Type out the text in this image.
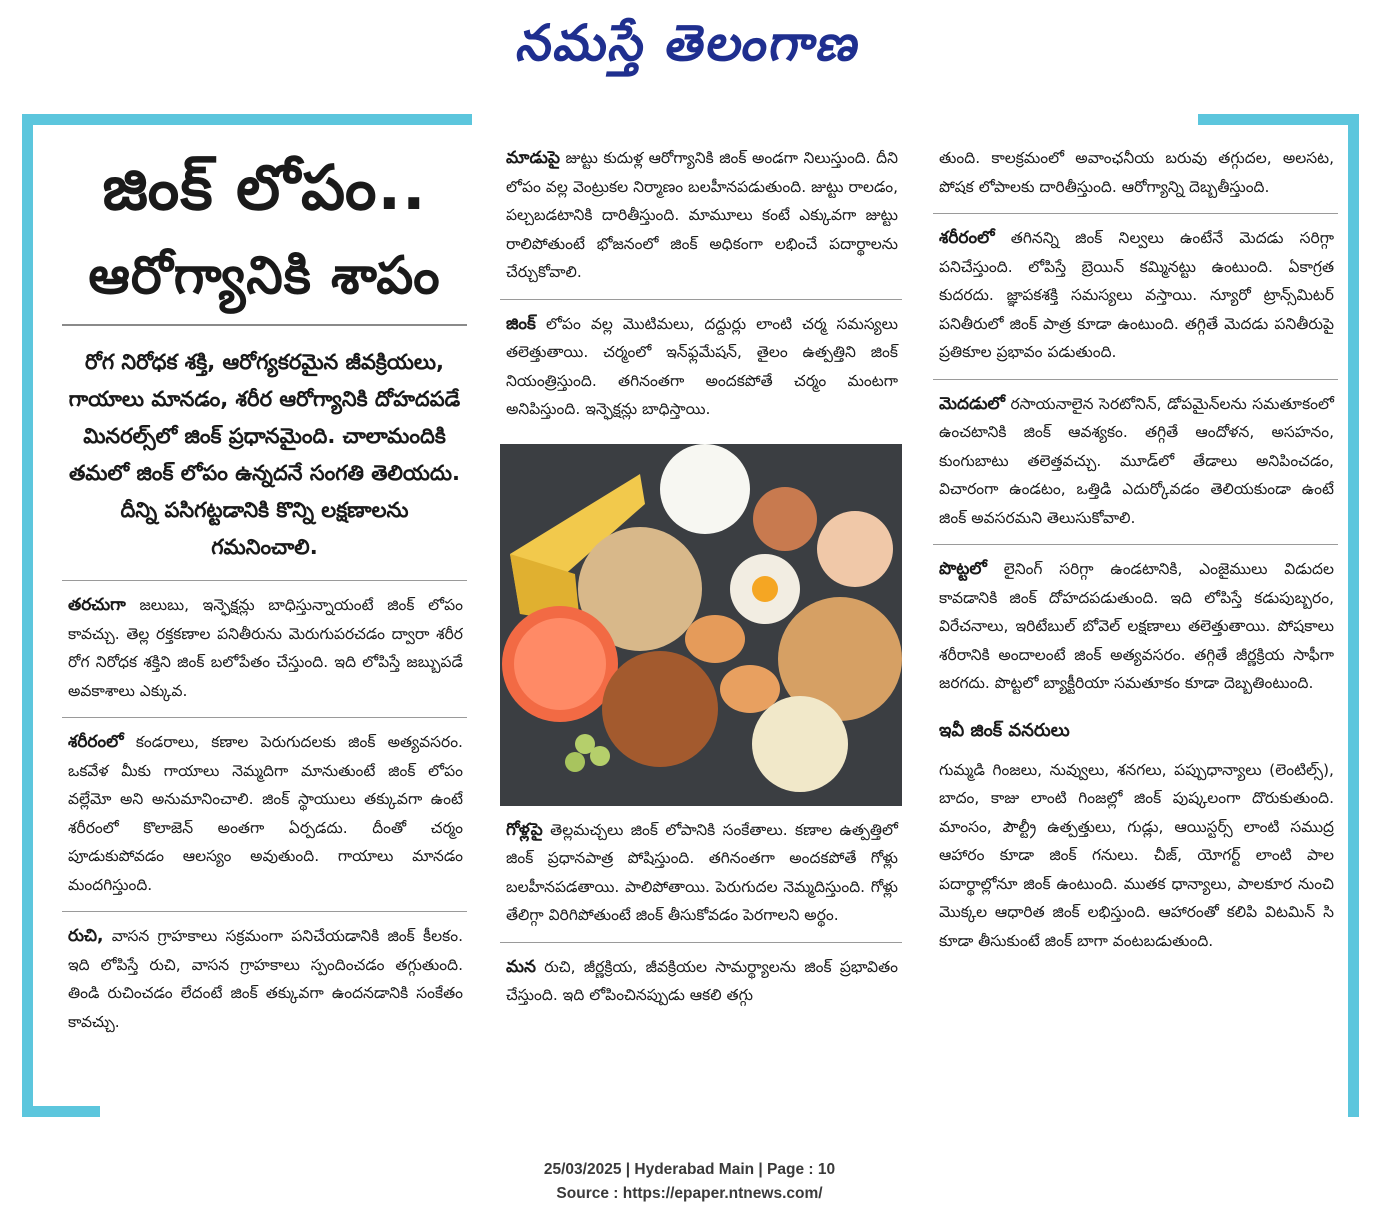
నమస్తే తెలంగాణ
జింక్ లోపం..
ఆరోగ్యానికి శాపం
రోగ నిరోధక శక్తి, ఆరోగ్యకరమైన జీవక్రియలు, గాయాలు మానడం, శరీర ఆరోగ్యానికి దోహదపడే మినరల్స్‌లో జింక్ ప్రధానమైంది. చాలామందికి తమలో జింక్ లోపం ఉన్నదనే సంగతి తెలియదు. దీన్ని పసిగట్టడానికి కొన్ని లక్షణాలను గమనించాలి.
తరచుగా జలుబు, ఇన్ఫెక్షన్లు బాధిస్తున్నాయంటే జింక్ లోపం కావచ్చు. తెల్ల రక్తకణాల పనితీరును మెరుగుపరచడం ద్వారా శరీర రోగ నిరోధక శక్తిని జింక్ బలోపేతం చేస్తుంది. ఇది లోపిస్తే జబ్బుపడే అవకాశాలు ఎక్కువ.
శరీరంలో కండరాలు, కణాల పెరుగుదలకు జింక్ అత్యవసరం. ఒకవేళ మీకు గాయాలు నెమ్మదిగా మానుతుంటే జింక్ లోపం వల్లేమో అని అనుమానించాలి. జింక్ స్థాయులు తక్కువగా ఉంటే శరీరంలో కొలాజెన్ అంతగా ఏర్పడదు. దీంతో చర్మం పూడుకుపోవడం ఆలస్యం అవుతుంది. గాయాలు మానడం మందగిస్తుంది.
రుచి, వాసన గ్రాహకాలు సక్రమంగా పనిచేయడానికి జింక్ కీలకం. ఇది లోపిస్తే రుచి, వాసన గ్రాహకాలు స్పందించడం తగ్గుతుంది. తిండి రుచించడం లేదంటే జింక్ తక్కువగా ఉందనడానికి సంకేతం కావచ్చు.
మాడుపై జుట్టు కుదుళ్ల ఆరోగ్యానికి జింక్ అండగా నిలుస్తుంది. దీని లోపం వల్ల వెంట్రుకల నిర్మాణం బలహీనపడుతుంది. జుట్టు రాలడం, పల్చబడటానికి దారితీస్తుంది. మామూలు కంటే ఎక్కువగా జుట్టు రాలిపోతుంటే భోజనంలో జింక్ అధికంగా లభించే పదార్థాలను చేర్చుకోవాలి.
జింక్ లోపం వల్ల మొటిమలు, దద్దుర్లు లాంటి చర్మ సమస్యలు తలెత్తుతాయి. చర్మంలో ఇన్‌ఫ్లమేషన్, తైలం ఉత్పత్తిని జింక్ నియంత్రిస్తుంది. తగినంతగా అందకపోతే చర్మం మంటగా అనిపిస్తుంది. ఇన్ఫెక్షన్లు బాధిస్తాయి.
గోళ్లపై తెల్లమచ్చలు జింక్ లోపానికి సంకేతాలు. కణాల ఉత్పత్తిలో జింక్ ప్రధానపాత్ర పోషిస్తుంది. తగినంతగా అందకపోతే గోళ్లు బలహీనపడతాయి. పాలిపోతాయి. పెరుగుదల నెమ్మదిస్తుంది. గోళ్లు తేలిగ్గా విరిగిపోతుంటే జింక్ తీసుకోవడం పెరగాలని అర్థం.
మన రుచి, జీర్ణక్రియ, జీవక్రియల సామర్థ్యాలను జింక్ ప్రభావితం చేస్తుంది. ఇది లోపించినప్పుడు ఆకలి తగ్గు
తుంది. కాలక్రమంలో అవాంఛనీయ బరువు తగ్గుదల, అలసట, పోషక లోపాలకు దారితీస్తుంది. ఆరోగ్యాన్ని దెబ్బతీస్తుంది.
శరీరంలో తగినన్ని జింక్ నిల్వలు ఉంటేనే మెదడు సరిగ్గా పనిచేస్తుంది. లోపిస్తే బ్రెయిన్ కమ్మినట్టు ఉంటుంది. ఏకాగ్రత కుదరదు. జ్ఞాపకశక్తి సమస్యలు వస్తాయి. న్యూరో ట్రాన్స్‌మిటర్ పనితీరులో జింక్ పాత్ర కూడా ఉంటుంది. తగ్గితే మెదడు పనితీరుపై ప్రతికూల ప్రభావం పడుతుంది.
మెదడులో రసాయనాలైన సెరటోనిన్, డోపమైన్‌లను సమతూకంలో ఉంచటానికి జింక్ ఆవశ్యకం. తగ్గితే ఆందోళన, అసహనం, కుంగుబాటు తలెత్తవచ్చు. మూడ్‌లో తేడాలు అనిపించడం, విచారంగా ఉండటం, ఒత్తిడి ఎదుర్కోవడం తెలియకుండా ఉంటే జింక్ అవసరమని తెలుసుకోవాలి.
పొట్టలో లైనింగ్ సరిగ్గా ఉండటానికి, ఎంజైములు విడుదల కావడానికి జింక్ దోహదపడుతుంది. ఇది లోపిస్తే కడుపుబ్బరం, విరేచనాలు, ఇరిటేబుల్ బోవెల్ లక్షణాలు తలెత్తుతాయి. పోషకాలు శరీరానికి అందాలంటే జింక్ అత్యవసరం. తగ్గితే జీర్ణక్రియ సాఫీగా జరగదు. పొట్టలో బ్యాక్టీరియా సమతూకం కూడా దెబ్బతింటుంది.
ఇవీ జింక్ వనరులు
గుమ్మడి గింజలు, నువ్వులు, శనగలు, పప్పుధాన్యాలు (లెంటిల్స్), బాదం, కాజు లాంటి గింజల్లో జింక్ పుష్కలంగా దొరుకుతుంది. మాంసం, పౌల్ట్రీ ఉత్పత్తులు, గుడ్లు, ఆయిస్టర్స్ లాంటి సముద్ర ఆహారం కూడా జింక్ గనులు. చీజ్, యోగర్ట్ లాంటి పాల పదార్థాల్లోనూ జింక్ ఉంటుంది. ముతక ధాన్యాలు, పాలకూర నుంచి మొక్కల ఆధారిత జింక్ లభిస్తుంది. ఆహారంతో కలిపి విటమిన్ సి కూడా తీసుకుంటే జింక్ బాగా వంటబడుతుంది.
25/03/2025 | Hyderabad Main | Page : 10
Source : https://epaper.ntnews.com/
